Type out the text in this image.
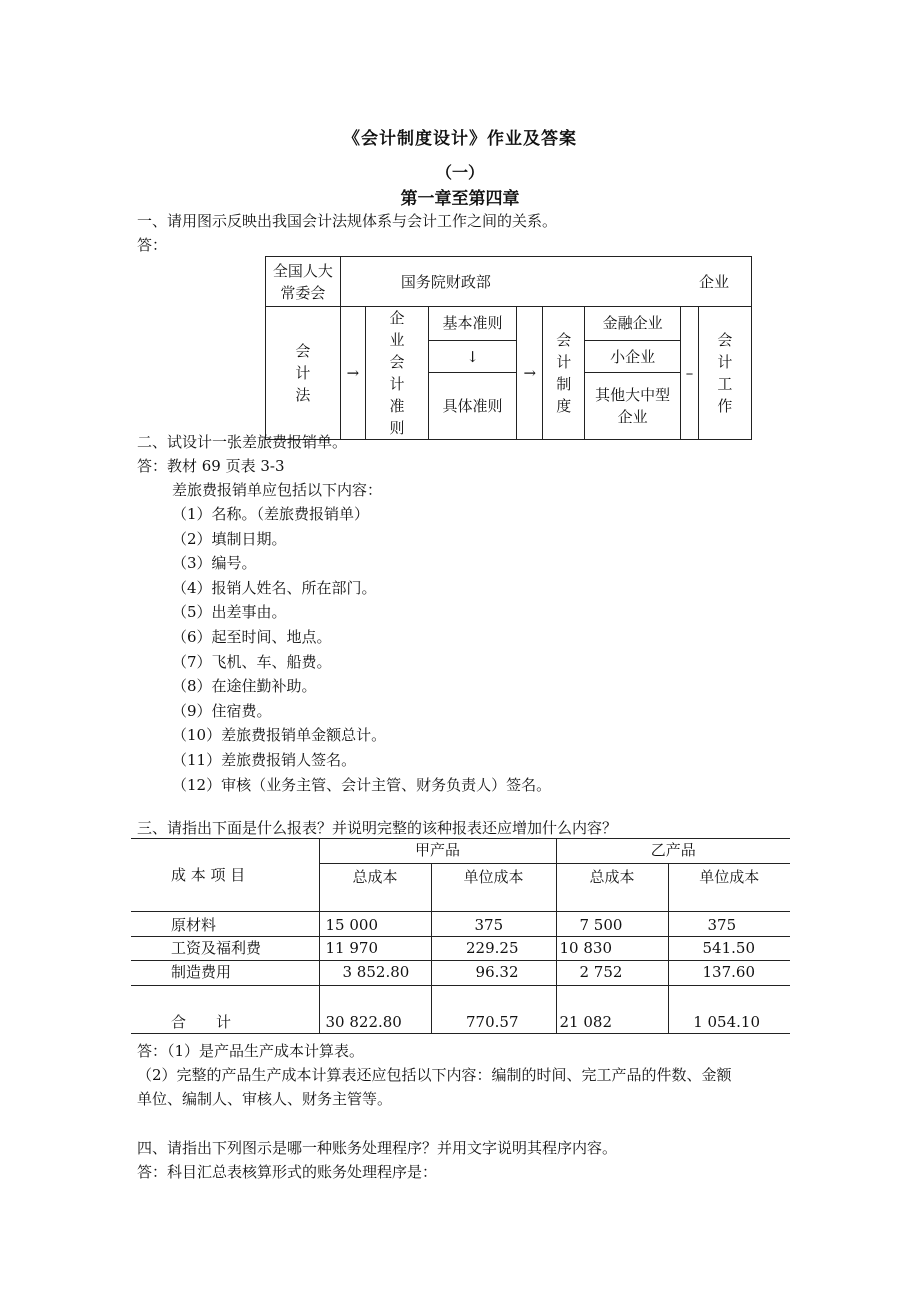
《会计制度设计》作业及答案
（一）
第一章至第四章
一、请用图示反映出我国会计法规体系与会计工作之间的关系。
答：
全国人大常委会	国务院财政部 企业							

会计法	→	企业会计准则	基本准则	→	会计制度	金融企业	–	会计工作
			↓			小企业		
			具体准则			其他大中型企业		
二、试设计一张差旅费报销单。
答：教材 69 页表 3-3
差旅费报销单应包括以下内容：
（1）名称。（差旅费报销单）
（2）填制日期。
（3）编号。
（4）报销人姓名、所在部门。
（5）出差事由。
（6）起至时间、地点。
（7）飞机、车、船费。
（8）在途住勤补助。
（9）住宿费。
（10）差旅费报销单金额总计。
（11）差旅费报销人签名。
（12）审核（业务主管、会计主管、财务负责人）签名。
三、请指出下面是什么报表？并说明完整的该种报表还应增加什么内容？
成 本 项 目	甲产品		乙产品	
	总成本	单位成本	总成本	单位成本
原材料	15 000	375	7 500	375
工资及福利费	11 970	229.25	10 830	541.50
制造费用	3 852.80	96.32	2 752	137.60
合　　计	30 822.80	770.57	21 082	1 054.10
答：（1）是产品生产成本计算表。
（2）完整的产品生产成本计算表还应包括以下内容：编制的时间、完工产品的件数、金额
单位、编制人、审核人、财务主管等。
四、请指出下列图示是哪一种账务处理程序？并用文字说明其程序内容。
答：科目汇总表核算形式的账务处理程序是：
